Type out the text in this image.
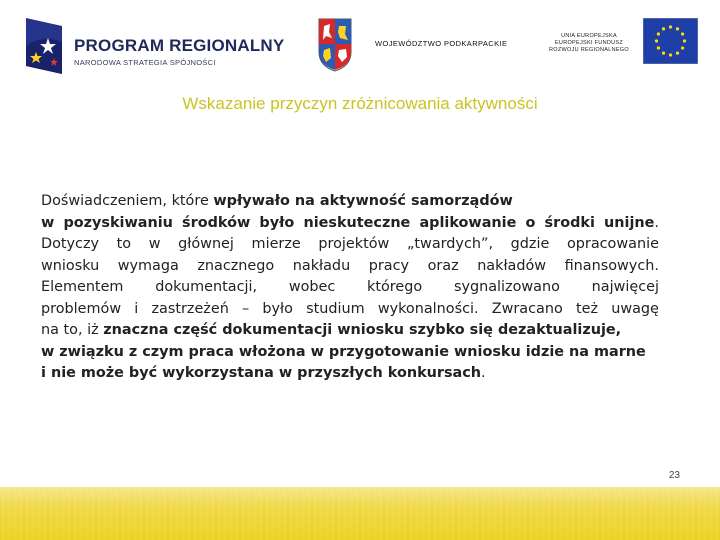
PROGRAM REGIONALNY
NARODOWA STRATEGIA SPÓJNOŚCI
WOJEWÓDZTWO PODKARPACKIE
UNIA EUROPEJSKA
EUROPEJSKI FUNDUSZ
ROZWOJU REGIONALNEGO
Wskazanie przyczyn zróżnicowania aktywności
Doświadczeniem, które wpływało na aktywność samorządów
w pozyskiwaniu środków było nieskuteczne aplikowanie o środki unijne.
Dotyczy to w głównej mierze projektów „twardych”, gdzie opracowanie
wniosku wymaga znacznego nakładu pracy oraz nakładów finansowych.
Elementem dokumentacji, wobec którego sygnalizowano najwięcej
problemów i zastrzeżeń – było studium wykonalności. Zwracano też uwagę
na to, iż znaczna część dokumentacji wniosku szybko się dezaktualizuje,
w związku z czym praca włożona w przygotowanie wniosku idzie na marne
i nie może być wykorzystana w przyszłych konkursach .
23
